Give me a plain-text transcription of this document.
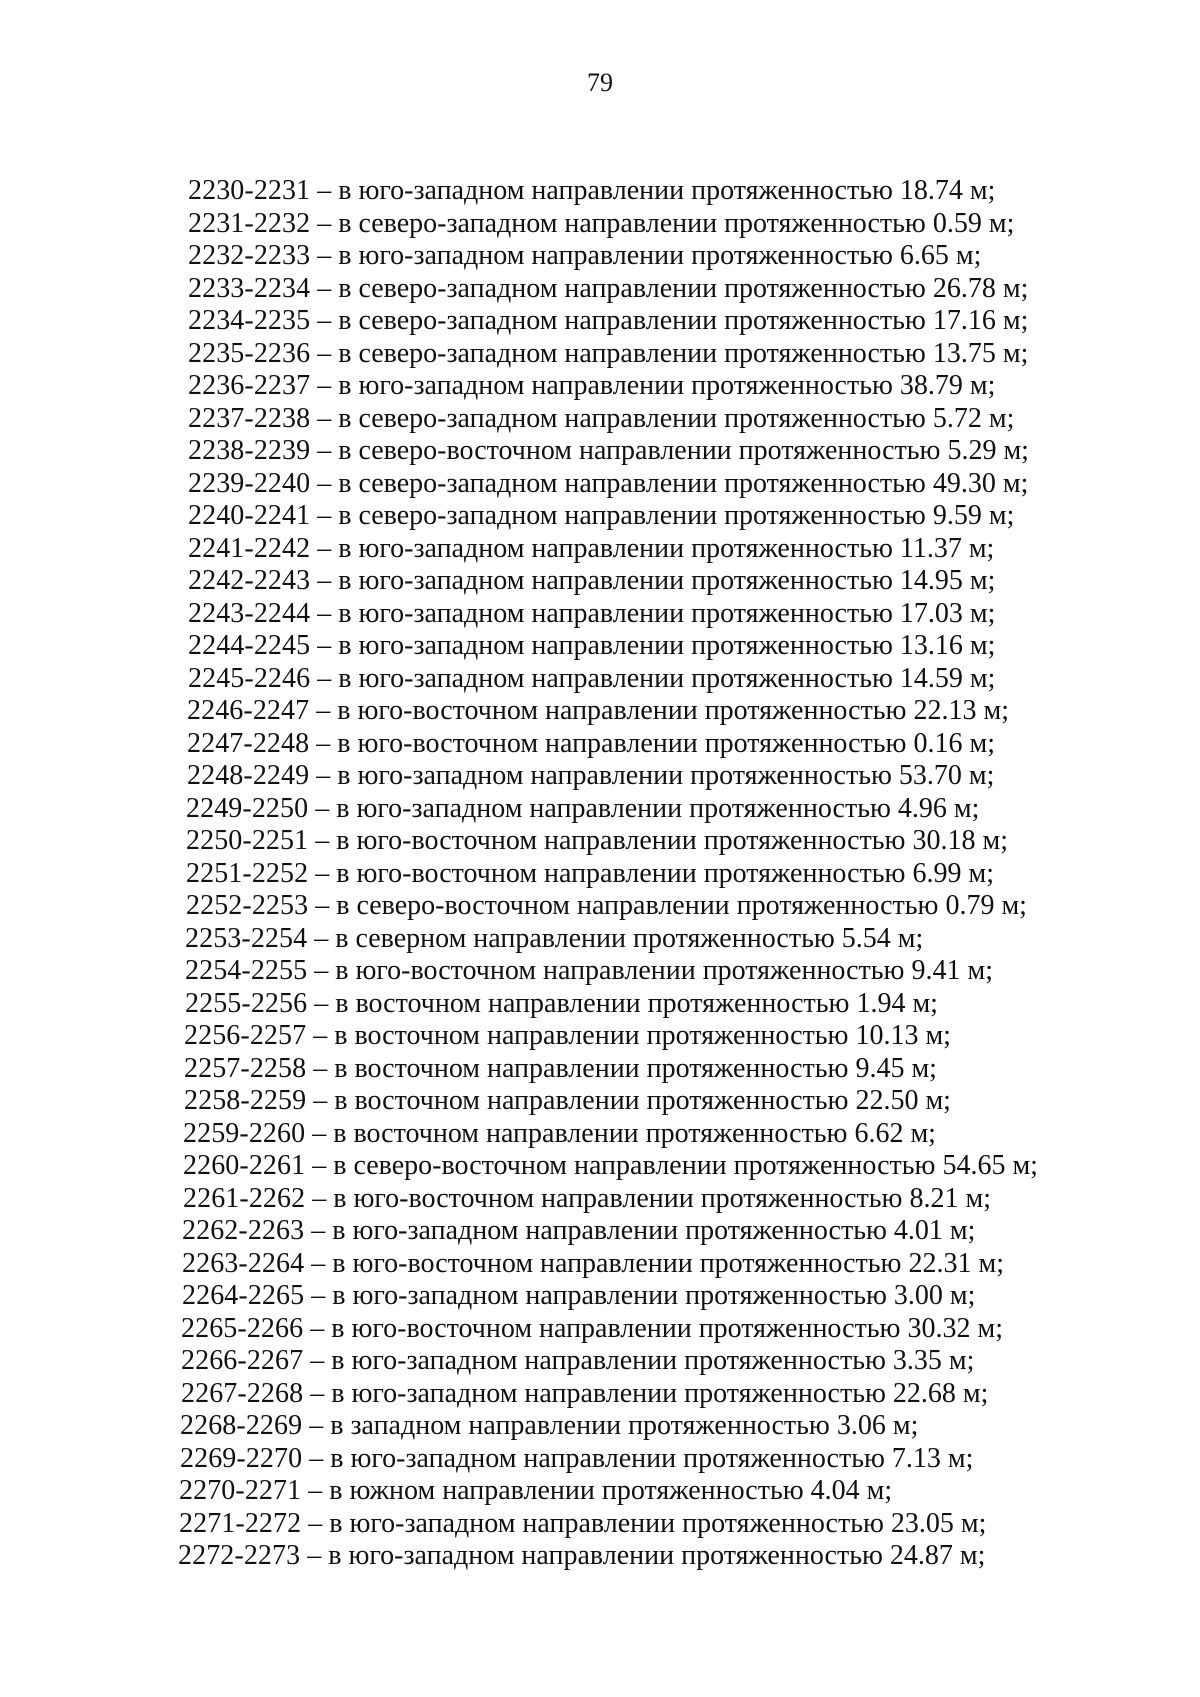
79
2230-2231 – в юго-западном направлении протяженностью 18.74 м;
2231-2232 – в северо-западном направлении протяженностью 0.59 м;
2232-2233 – в юго-западном направлении протяженностью 6.65 м;
2233-2234 – в северо-западном направлении протяженностью 26.78 м;
2234-2235 – в северо-западном направлении протяженностью 17.16 м;
2235-2236 – в северо-западном направлении протяженностью 13.75 м;
2236-2237 – в юго-западном направлении протяженностью 38.79 м;
2237-2238 – в северо-западном направлении протяженностью 5.72 м;
2238-2239 – в северо-восточном направлении протяженностью 5.29 м;
2239-2240 – в северо-западном направлении протяженностью 49.30 м;
2240-2241 – в северо-западном направлении протяженностью 9.59 м;
2241-2242 – в юго-западном направлении протяженностью 11.37 м;
2242-2243 – в юго-западном направлении протяженностью 14.95 м;
2243-2244 – в юго-западном направлении протяженностью 17.03 м;
2244-2245 – в юго-западном направлении протяженностью 13.16 м;
2245-2246 – в юго-западном направлении протяженностью 14.59 м;
2246-2247 – в юго-восточном направлении протяженностью 22.13 м;
2247-2248 – в юго-восточном направлении протяженностью 0.16 м;
2248-2249 – в юго-западном направлении протяженностью 53.70 м;
2249-2250 – в юго-западном направлении протяженностью 4.96 м;
2250-2251 – в юго-восточном направлении протяженностью 30.18 м;
2251-2252 – в юго-восточном направлении протяженностью 6.99 м;
2252-2253 – в северо-восточном направлении протяженностью 0.79 м;
2253-2254 – в северном направлении протяженностью 5.54 м;
2254-2255 – в юго-восточном направлении протяженностью 9.41 м;
2255-2256 – в восточном направлении протяженностью 1.94 м;
2256-2257 – в восточном направлении протяженностью 10.13 м;
2257-2258 – в восточном направлении протяженностью 9.45 м;
2258-2259 – в восточном направлении протяженностью 22.50 м;
2259-2260 – в восточном направлении протяженностью 6.62 м;
2260-2261 – в северо-восточном направлении протяженностью 54.65 м;
2261-2262 – в юго-восточном направлении протяженностью 8.21 м;
2262-2263 – в юго-западном направлении протяженностью 4.01 м;
2263-2264 – в юго-восточном направлении протяженностью 22.31 м;
2264-2265 – в юго-западном направлении протяженностью 3.00 м;
2265-2266 – в юго-восточном направлении протяженностью 30.32 м;
2266-2267 – в юго-западном направлении протяженностью 3.35 м;
2267-2268 – в юго-западном направлении протяженностью 22.68 м;
2268-2269 – в западном направлении протяженностью 3.06 м;
2269-2270 – в юго-западном направлении протяженностью 7.13 м;
2270-2271 – в южном направлении протяженностью 4.04 м;
2271-2272 – в юго-западном направлении протяженностью 23.05 м;
2272-2273 – в юго-западном направлении протяженностью 24.87 м;
